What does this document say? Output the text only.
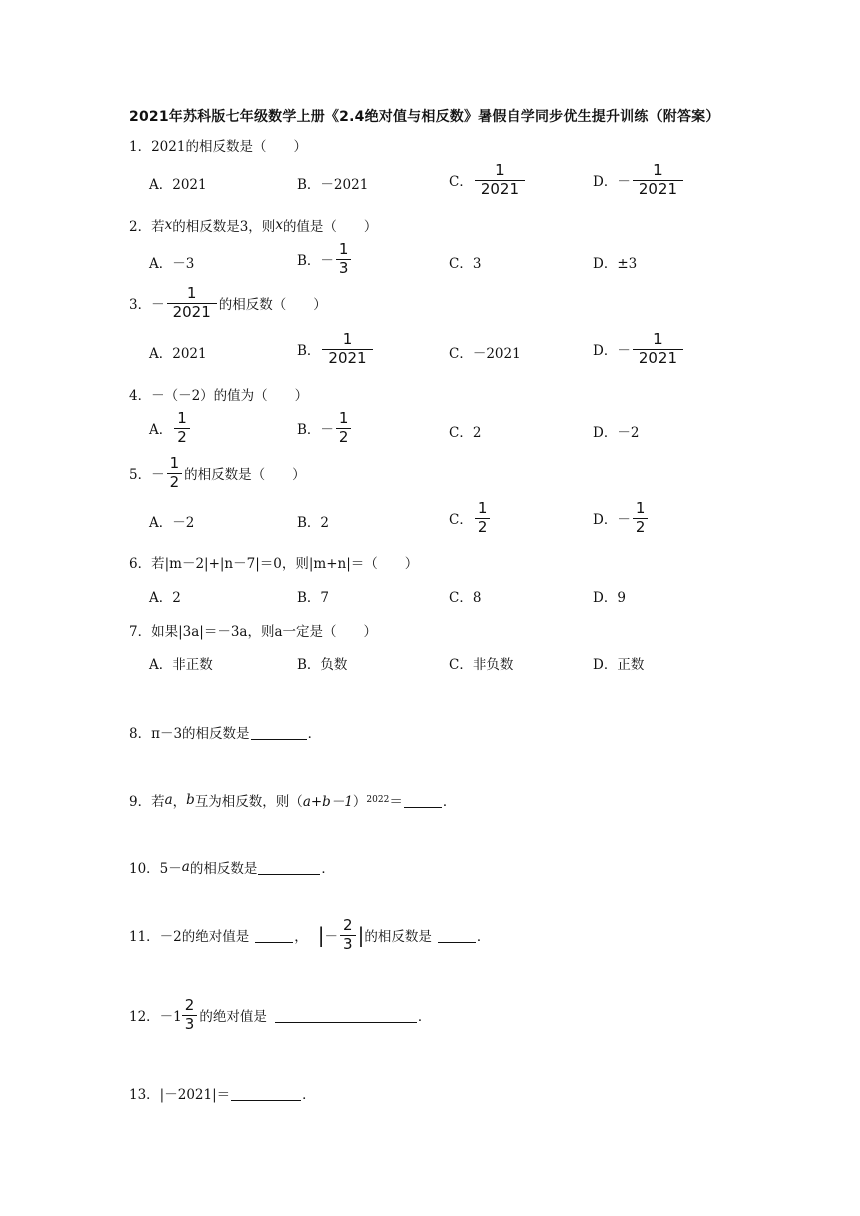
2021年苏科版七年级数学上册《2.4绝对值与相反数》暑假自学同步优生提升训练（附答案）
1．2021的相反数是（　　）
A．2021	B．－2021	C． $\frac{1}{2021}$	D．－ $\frac{1}{2021}$
2．若 x 的相反数是3，则 x 的值是（　　）
A．－3	B．－ $\frac{1}{3}$	C．3	D．±3
3．－ $\frac{1}{2021}$ 的相反数（　　）
A．2021	B． $\frac{1}{2021}$	C．－2021	D．－ $\frac{1}{2021}$
4．－（－2）的值为（　　）
A． $\frac{1}{2}$	B．－ $\frac{1}{2}$	C．2	D．－2
5．－ $\frac{1}{2}$ 的相反数是（　　）
A．－2	B．2	C． $\frac{1}{2}$	D．－ $\frac{1}{2}$
6．若|m－2|+|n－7|＝0，则|m+n|＝（　　）
A．2	B．7	C．8	D．9
7．如果|3a|＝－3a，则a一定是（　　）
A．非正数	B．负数	C．非负数	D．正数
8．π－3的相反数是	．
9．若 a ， b 互为相反数，则（ a+b－1 ） 2022 ＝	．
10．5－ a 的相反数是	．
11．－2的绝对值是	， | － $\frac{2}{3}$ | 的相反数是	．
12．$-1 \frac{2}{3}$ 的绝对值是	．
13．|－2021|＝	．
